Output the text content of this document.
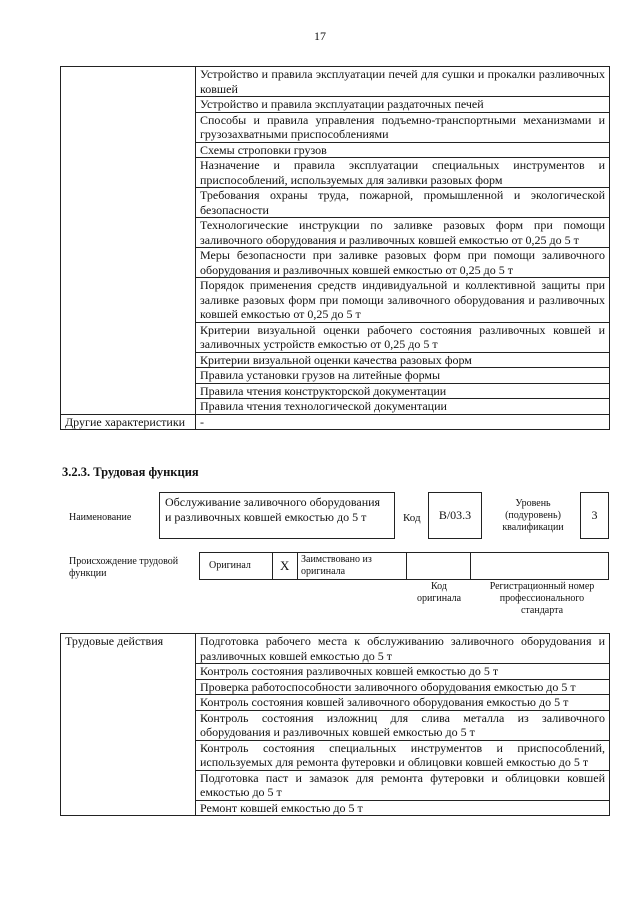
17
	Устройство и правила эксплуатации печей для сушки и прокалки разливочных ковшей
	Устройство и правила эксплуатации раздаточных печей
	Способы и правила управления подъемно-транспортными механизмами и грузозахватными приспособлениями
	Схемы строповки грузов
	Назначение и правила эксплуатации специальных инструментов и приспособлений, используемых для заливки разовых форм
	Требования охраны труда, пожарной, промышленной и экологической безопасности
	Технологические инструкции по заливке разовых форм при помощи заливочного оборудования и разливочных ковшей емкостью от 0,25 до 5 т
	Меры безопасности при заливке разовых форм при помощи заливочного оборудования и разливочных ковшей емкостью от 0,25 до 5 т
	Порядок применения средств индивидуальной и коллективной защиты при заливке разовых форм при помощи заливочного оборудования и разливочных ковшей емкостью от 0,25 до 5 т
	Критерии визуальной оценки рабочего состояния разливочных ковшей и заливочных устройств емкостью от 0,25 до 5 т
	Критерии визуальной оценки качества разовых форм
	Правила установки грузов на литейные формы
	Правила чтения конструкторской документации
	Правила чтения технологической документации
Другие характеристики	-
3.2.3. Трудовая функция
Наименование
Обслуживание заливочного оборудования и разливочных ковшей емкостью до 5 т	Код В/03.3
Уровень (подуровень) квалификации
3
Происхождение трудовой функции
Оригинал X Заимствовано из оригинала
Код оригинала
Регистрационный номер профессионального стандарта
Трудовые действия	Подготовка рабочего места к обслуживанию заливочного оборудования и разливочных ковшей емкостью до 5 т
Контроль состояния разливочных ковшей емкостью до 5 т
Проверка работоспособности заливочного оборудования емкостью до 5 т
Контроль состояния ковшей заливочного оборудования емкостью до 5 т
Контроль состояния изложниц для слива металла из заливочного оборудования и разливочных ковшей емкостью до 5 т
Контроль состояния специальных инструментов и приспособлений, используемых для ремонта футеровки и облицовки ковшей емкостью до 5 т
Подготовка паст и замазок для ремонта футеровки и облицовки ковшей емкостью до 5 т
Ремонт ковшей емкостью до 5 т
